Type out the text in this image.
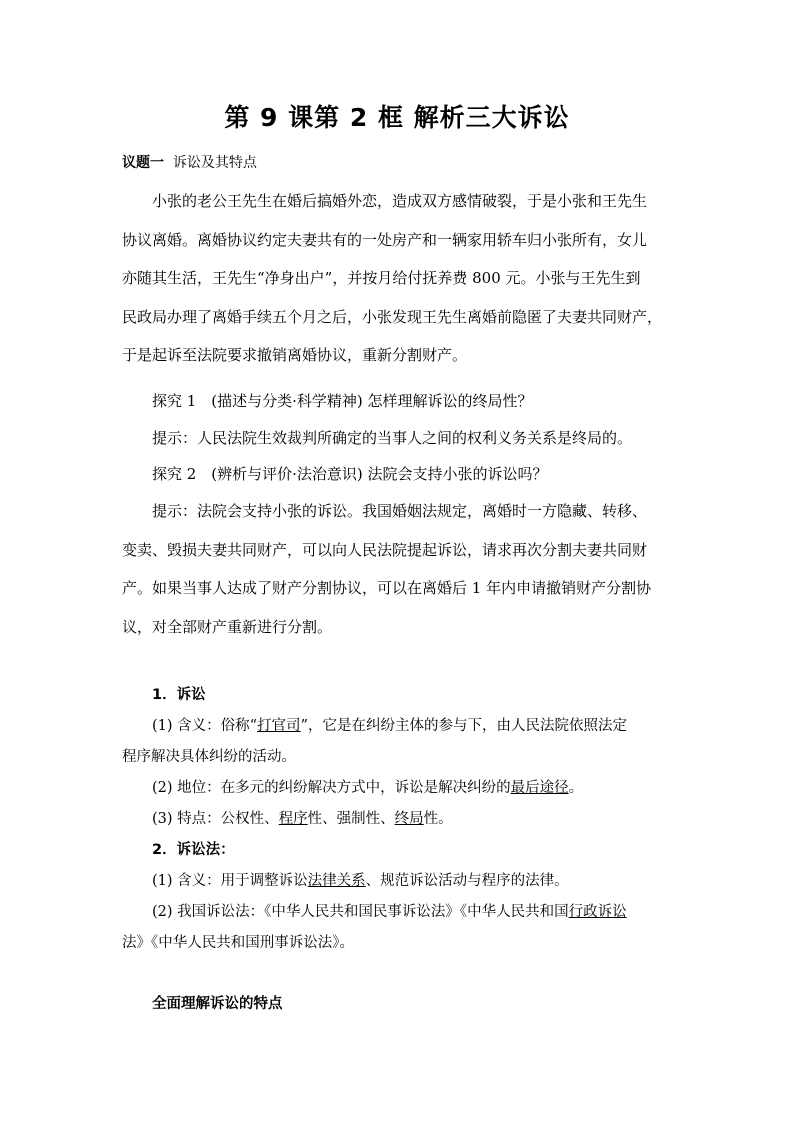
第 9 课第 2 框 解析三大诉讼
议题一 诉讼及其特点
小张的老公王先生在婚后搞婚外恋，造成双方感情破裂，于是小张和王先生
协议离婚。离婚协议约定夫妻共有的一处房产和一辆家用轿车归小张所有，女儿
亦随其生活，王先生“净身出户”，并按月给付抚养费 800 元。小张与王先生到
民政局办理了离婚手续五个月之后，小张发现王先生离婚前隐匿了夫妻共同财产，
于是起诉至法院要求撤销离婚协议，重新分割财产。
探究 1　(描述与分类·科学精神) 怎样理解诉讼的终局性？
提示：人民法院生效裁判所确定的当事人之间的权利义务关系是终局的。
探究 2　(辨析与评价·法治意识) 法院会支持小张的诉讼吗？
提示：法院会支持小张的诉讼。我国婚姻法规定，离婚时一方隐藏、转移、
变卖、毁损夫妻共同财产，可以向人民法院提起诉讼，请求再次分割夫妻共同财
产。如果当事人达成了财产分割协议，可以在离婚后 1 年内申请撤销财产分割协
议，对全部财产重新进行分割。
1．诉讼
(1) 含义：俗称“打官司”，它是在纠纷主体的参与下，由人民法院依照法定
程序解决具体纠纷的活动。
(2) 地位：在多元的纠纷解决方式中，诉讼是解决纠纷的最后途径。
(3) 特点：公权性、程序性、强制性、终局性。
2．诉讼法：
(1) 含义：用于调整诉讼法律关系、规范诉讼活动与程序的法律。
(2) 我国诉讼法：《中华人民共和国民事诉讼法》《中华人民共和国行政诉讼
法》《中华人民共和国刑事诉讼法》。
全面理解诉讼的特点
